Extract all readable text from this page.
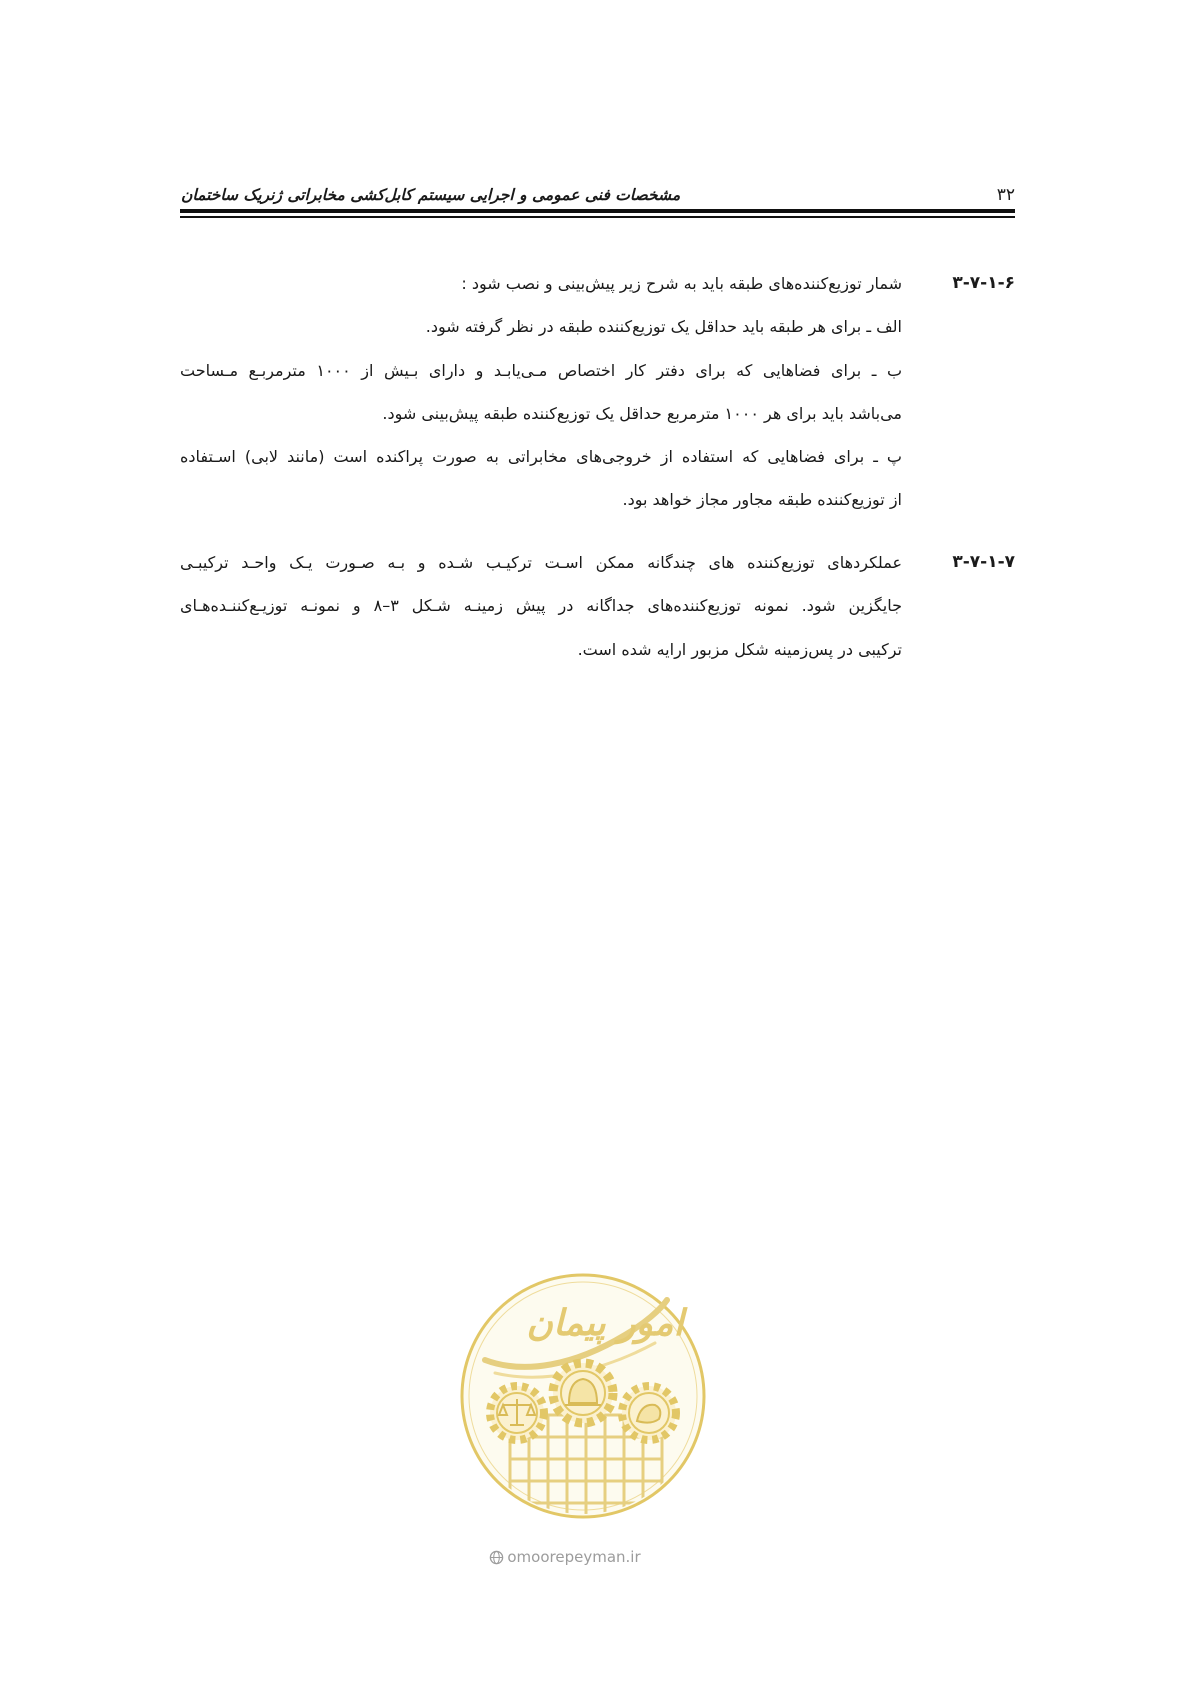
۳۲
مشخصات فنی عمومی و اجرایی سیستم کابل‌کشی مخابراتی ژنریک ساختمان
۳-۷-۱-۶
شمار توزیع‌کننده‌های طبقه باید به شرح زیر پیش‌بینی و نصب شود :
الف ـ برای هر طبقه باید حداقل یک توزیع‌کننده طبقه در نظر گرفته شود.
ب ـ برای فضاهایی که برای دفتر کار اختصاص مـی‌یابـد و دارای بـیش از ۱۰۰۰ مترمربـع مـساحت
می‌باشد باید برای هر ۱۰۰۰ مترمربع حداقل یک توزیع‌کننده طبقه پیش‌بینی شود.
پ ـ برای فضاهایی که استفاده از خروجی‌های مخابراتی به صورت پراکنده است (مانند لابی) اسـتفاده
از توزیع‌کننده طبقه مجاور مجاز خواهد بود.
۳-۷-۱-۷
عملکردهای توزیع‌کننده های چندگانه ممکن اسـت ترکیـب شـده و بـه صـورت یـک واحـد ترکیبـی
جایگزین شود. نمونه توزیع‌کننده‌های جداگانه در پیش زمینـه شـکل ۳–۸ و نمونـه توزیـع‌کننـده‌هـای
ترکیبی در پس‌زمینه شکل مزبور ارایه شده است.
امور پیمان
omoorepeyman.ir
